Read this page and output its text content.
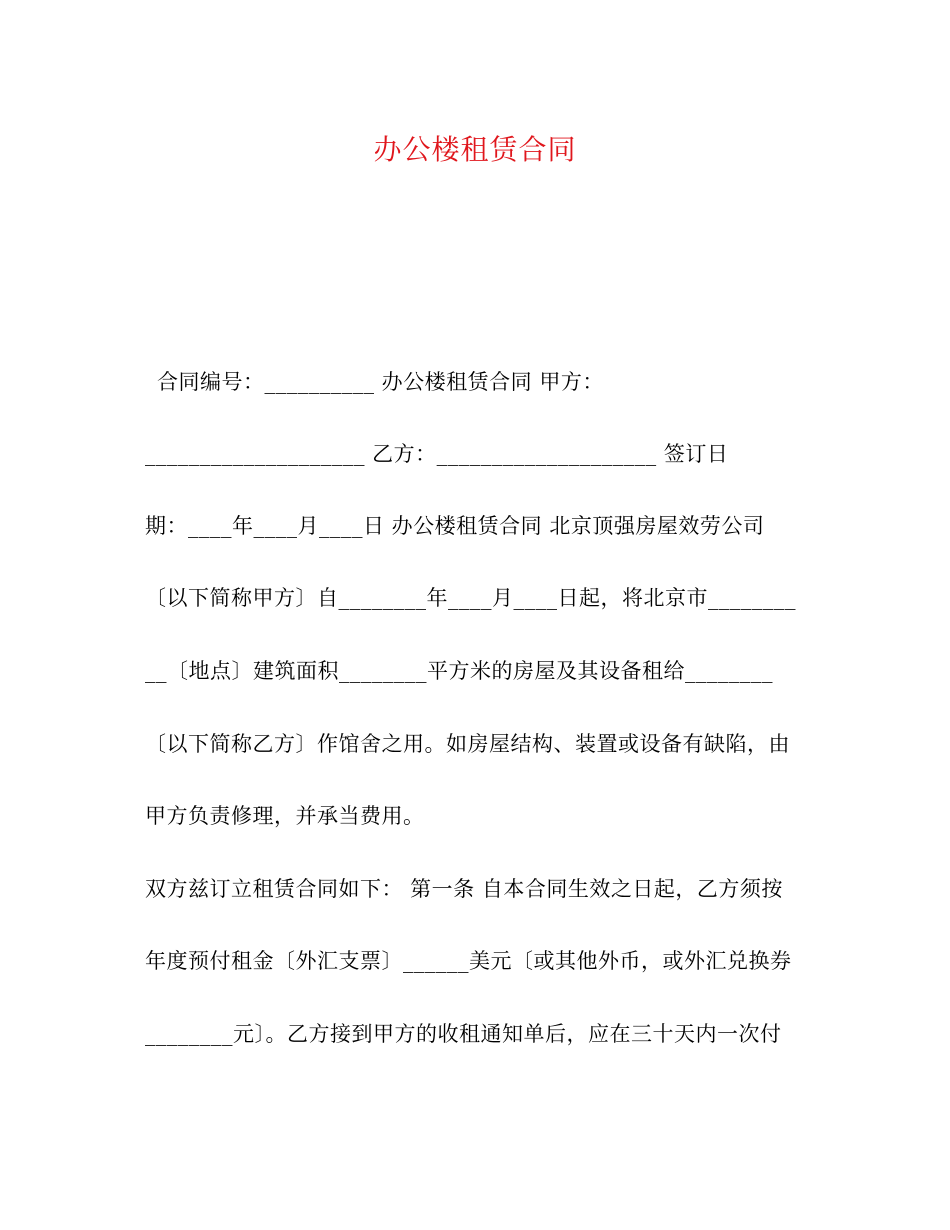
办公楼租赁合同
合同编号：__________ 办公楼租赁合同 甲方：
____________________ 乙方：____________________ 签订日
期：____年____月____日 办公楼租赁合同 北京顶强房屋效劳公司
〔以下简称甲方〕自________年____月____日起，将北京市________
__〔地点〕建筑面积________平方米的房屋及其设备租给________
〔以下简称乙方〕作馆舍之用。如房屋结构、装置或设备有缺陷，由
甲方负责修理，并承当费用。
双方兹订立租赁合同如下： 第一条 自本合同生效之日起，乙方须按
年度预付租金〔外汇支票〕______美元〔或其他外币，或外汇兑换券
________元〕。乙方接到甲方的收租通知单后，应在三十天内一次付
